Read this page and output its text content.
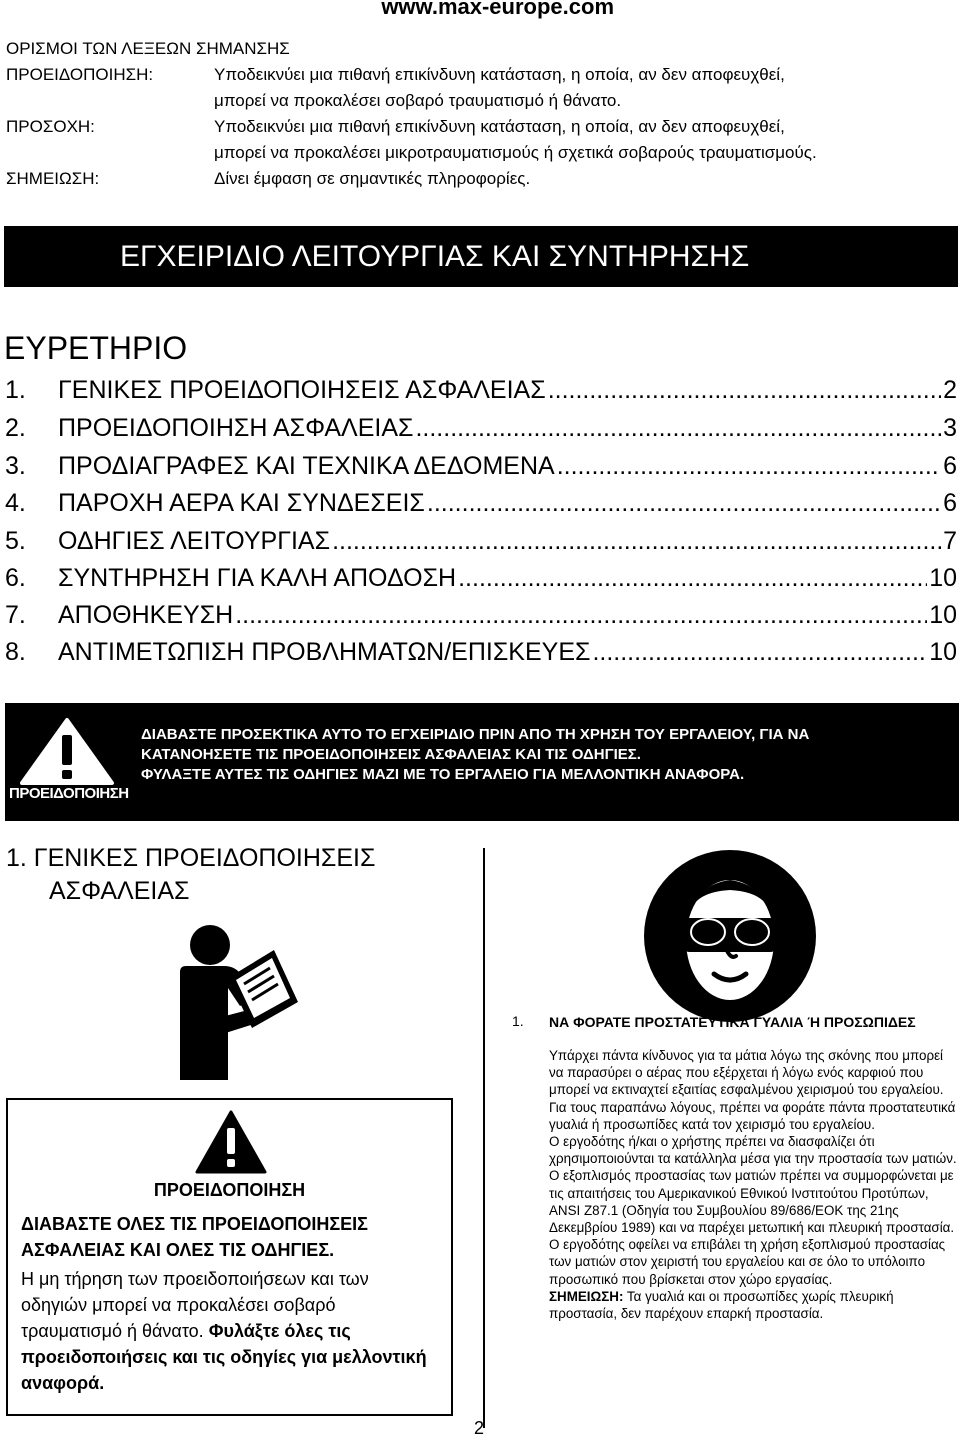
www.max-europe.com
ΟΡΙΣΜΟΙ ΤΩΝ ΛΕΞΕΩΝ ΣΗΜΑΝΣΗΣ
ΠΡΟΕΙΔΟΠΟΙΗΣΗ:	Υποδεικνύει μια πιθανή επικίνδυνη κατάσταση, η οποία, αν δεν αποφευχθεί,
μπορεί να προκαλέσει σοβαρό τραυματισμό ή θάνατο.
ΠΡΟΣΟΧΗ:	Υποδεικνύει μια πιθανή επικίνδυνη κατάσταση, η οποία, αν δεν αποφευχθεί,
μπορεί να προκαλέσει μικροτραυματισμούς ή σχετικά σοβαρούς τραυματισμούς.
ΣΗΜΕΙΩΣΗ:	Δίνει έμφαση σε σημαντικές πληροφορίες.
ΕΓΧΕΙΡΙΔΙΟ ΛΕΙΤΟΥΡΓΙΑΣ ΚΑΙ ΣΥΝΤΗΡΗΣΗΣ
ΕΥΡΕΤΗΡΙΟ
1.	ΓΕΝΙΚΕΣ ΠΡΟΕΙΔΟΠΟΙΗΣΕΙΣ ΑΣΦΑΛΕΙΑΣ .....	2
2.	ΠΡΟΕΙΔΟΠΟΙΗΣΗ ΑΣΦΑΛΕΙΑΣ .....	3
3.	ΠΡΟΔΙΑΓΡΑΦΕΣ ΚΑΙ ΤΕΧΝΙΚΑ ΔΕΔΟΜΕΝΑ .....	6
4.	ΠΑΡΟΧΗ ΑΕΡΑ ΚΑΙ ΣΥΝΔΕΣΕΙΣ .....	6
5.	ΟΔΗΓΙΕΣ ΛΕΙΤΟΥΡΓΙΑΣ .....	7
6.	ΣΥΝΤΗΡΗΣΗ ΓΙΑ ΚΑΛΗ ΑΠΟΔΟΣΗ .....	10
7.	ΑΠΟΘΗΚΕΥΣΗ .....	10
8.	ΑΝΤΙΜΕΤΩΠΙΣΗ ΠΡΟΒΛΗΜΑΤΩΝ/ΕΠΙΣΚΕΥΕΣ .....	10
ΠΡΟΕΙΔΟΠΟΙΗΣΗ
ΔΙΑΒΑΣΤΕ ΠΡΟΣΕΚΤΙΚΑ ΑΥΤΟ ΤΟ ΕΓΧΕΙΡΙΔΙΟ ΠΡΙΝ ΑΠΟ ΤΗ ΧΡΗΣΗ ΤΟΥ ΕΡΓΑΛΕΙΟΥ, ΓΙΑ ΝΑ
ΚΑΤΑΝΟΗΣΕΤΕ ΤΙΣ ΠΡΟΕΙΔΟΠΟΙΗΣΕΙΣ ΑΣΦΑΛΕΙΑΣ ΚΑΙ ΤΙΣ ΟΔΗΓΙΕΣ.
ΦΥΛΑΞΤΕ ΑΥΤΕΣ ΤΙΣ ΟΔΗΓΙΕΣ ΜΑΖΙ ΜΕ ΤΟ ΕΡΓΑΛΕΙΟ ΓΙΑ ΜΕΛΛΟΝΤΙΚΗ ΑΝΑΦΟΡΑ.
1. ΓΕΝΙΚΕΣ ΠΡΟΕΙΔΟΠΟΙΗΣΕΙΣ
ΑΣΦΑΛΕΙΑΣ
ΠΡΟΕΙΔΟΠΟΙΗΣΗ
ΔΙΑΒΑΣΤΕ ΟΛΕΣ ΤΙΣ ΠΡΟΕΙΔΟΠΟΙΗΣΕΙΣ ΑΣΦΑΛΕΙΑΣ ΚΑΙ ΟΛΕΣ ΤΙΣ ΟΔΗΓΙΕΣ.
Η μη τήρηση των προειδοποιήσεων και των οδηγιών μπορεί να προκαλέσει σοβαρό τραυματισμό ή θάνατο. Φυλάξτε όλες τις προειδοποιήσεις και τις οδηγίες για μελλοντική αναφορά.
1. ΝΑ ΦΟΡΑΤΕ ΠΡΟΣΤΑΤΕΥΤΙΚΑ ΓΥΑΛΙΑ Ή ΠΡΟΣΩΠΙΔΕΣ

Υπάρχει πάντα κίνδυνος για τα μάτια λόγω της σκόνης που μπορεί να παρασύρει ο αέρας που εξέρχεται ή λόγω ενός καρφιού που μπορεί να εκτιναχτεί εξαιτίας εσφαλμένου χειρισμού του εργαλείου. Για τους παραπάνω λόγους, πρέπει να φοράτε πάντα προστατευτικά γυαλιά ή προσωπίδες κατά τον χειρισμό του εργαλείου.

Ο εργοδότης ή/και ο χρήστης πρέπει να διασφαλίζει ότι χρησιμοποιούνται τα κατάλληλα μέσα για την προστασία των ματιών. Ο εξοπλισμός προστασίας των ματιών πρέπει να συμμορφώνεται με τις απαιτήσεις του Αμερικανικού Εθνικού Ινστιτούτου Προτύπων, ANSI Z87.1 (Οδηγία του Συμβουλίου 89/686/ΕΟΚ της 21ης Δεκεμβρίου 1989) και να παρέχει μετωπική και πλευρική προστασία.

Ο εργοδότης οφείλει να επιβάλει τη χρήση εξοπλισμού προστασίας των ματιών στον χειριστή του εργαλείου και σε όλο το υπόλοιπο προσωπικό που βρίσκεται στον χώρο εργασίας.

ΣΗΜΕΙΩΣΗ: Τα γυαλιά και οι προσωπίδες χωρίς πλευρική προστασία, δεν παρέχουν επαρκή προστασία.

2
